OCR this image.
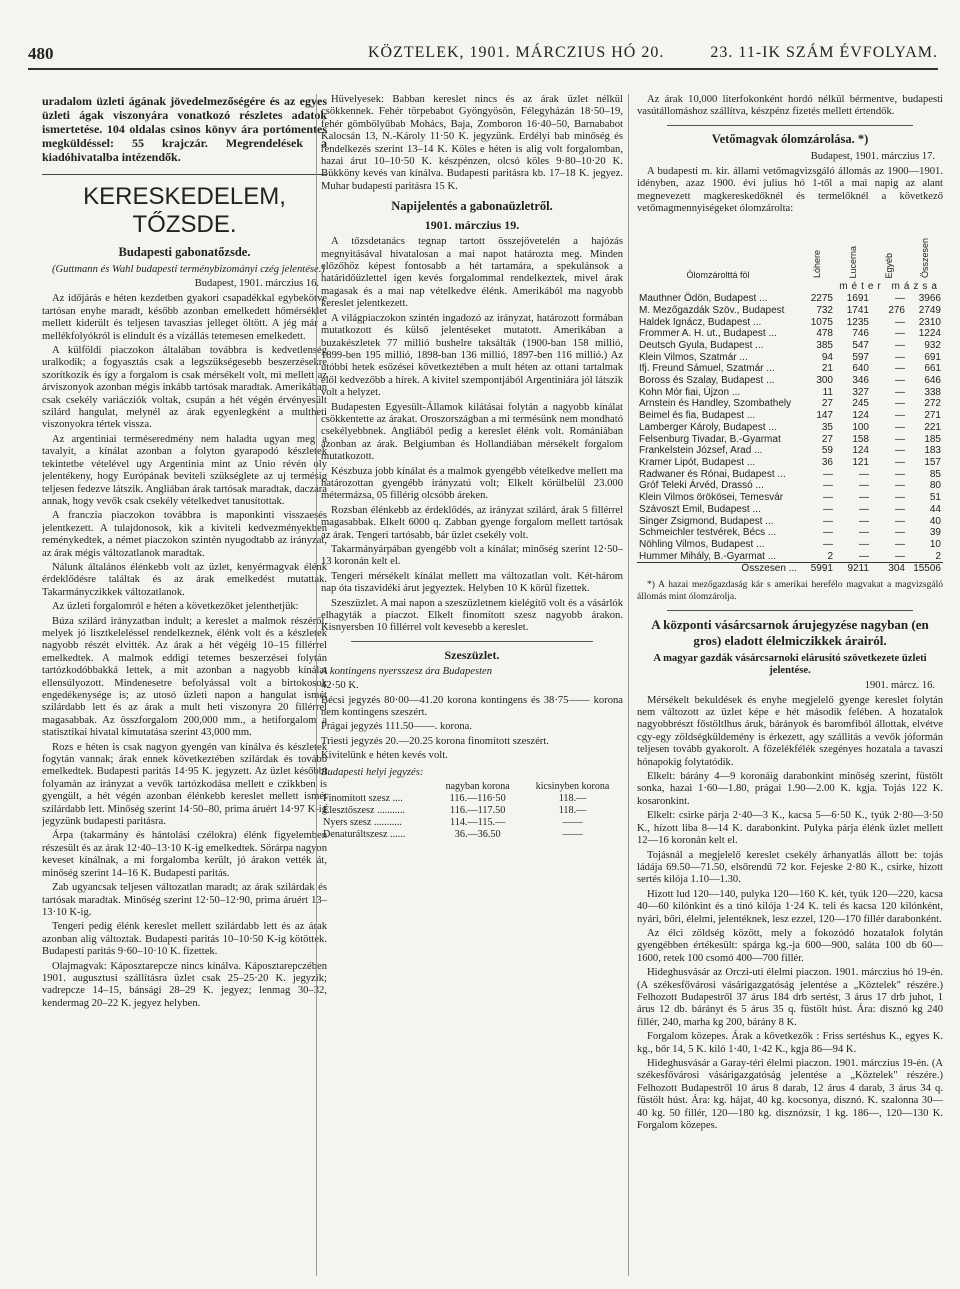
480	KÖZTELEK, 1901. MÁRCZIUS HÓ 20.	23. 11-IK SZÁM ÉVFOLYAM.

uradalom üzleti ágának jövedelmezőségére és az egyes üzleti ágak viszonyára vonatkozó részletes adatok ismertetése. 104 oldalas csinos könyv ára portómentes megküldéssel: 55 krajczár. Megrendelések a kiadóhivatalba intézendők.

KERESKEDELEM, TŐZSDE.
Budapesti gabonatőzsde.

(Guttmann és Wahl budapesti terménybizományi czég jelentése.)

Budapest, 1901. márczius 16.

Az időjárás e héten kezdetben gyakori csapadékkal egybekötve tartósan enyhe maradt, később azonban emelkedett hőmérséklet mellett kiderült és teljesen tavaszias jelleget öltött. A jég már a mellékfolyókról is elindult és a vízállás tetemesen emelkedett.

A külföldi piaczokon általában továbbra is kedvetlenség uralkodik; a fogyasztás csak a legszükségesebb beszerzésekre szorítkozik és így a forgalom is csak mérsékelt volt, mi mellett az árviszonyok azonban mégis inkább tartósak maradtak. Amerikában csak csekély variácziók voltak, csupán a hét végén érvényesült szilárd hangulat, melynél az árak egyenlegként a multheti viszonyokra tértek vissza.

Az argentiniai terméseredmény nem haladta ugyan meg a tavalyit, a kínálat azonban a folyton gyarapodó készletek tekintetbe vételével ugy Argentinia mint az Unio révén oly jelentékeny, hogy Európának beviteli szükséglete az uj termésig teljesen fedezve látszik. Angliában árak tartósak maradtak, daczára annak, hogy vevők csak csekély vételkedvet tanusítottak.

A franczia piaczokon továbbra is maponkinti visszaesés jelentkezett. A tulajdonosok, kik a kiviteli kedvezményekben reménykedtek, a német piaczokon szintén nyugodtabb az irányzat, az árak mégis változatlanok maradtak.

Nálunk általános élénkebb volt az üzlet, kenyérmagvak élénk érdeklődésre találtak és az árak emelkedést mutattak. Takarmányczikkek változatlanok.

Az üzleti forgalomról e héten a következőket jelenthetjük:

Búza szilárd irányzatban indult; a kereslet a malmok részéről, melyek jó lisztkeleléssel rendelkeznek, élénk volt és a készletek nagyobb részét elvitték. Az árak a hét végéig 10–15 fillérrel emelkedtek. A malmok eddigi tetemes beszerzései folytán tartózkodóbbakká lettek, a mit azonban a nagyobb kínálat ellensúlyozott. Mindenesetre befolyással volt a birtokosok engedékenysége is; az utosó üzleti napon a hangulat ismét szilárdabb lett és az árak a mult heti viszonyra 20 fillérrel magasabbak. Az összforgalom 200,000 mm., a hetiforgalom a statisztikai hivatal kimutatása szerint 43,000 mm.

Rozs e héten is csak nagyon gyengén van kínálva és készletek fogytán vannak; árak ennek következtében szilárdak és tovább emelkedtek. Budapesti paritás 14·95 K. jegyzett. Az üzlet későbbi folyamán az irányzat a vevők tartózkodása mellett e czikkben is gyengült, a hét végén azonban élénkebb kereslet mellett ismét szilárdabb lett. Minőség szerint 14·50–80, prima áruért 14·97 K-ig jegyzünk budapesti paritásra.

Árpa (takarmány és hántolási czélokra) élénk figyelemben részesült és az árak 12·40–13·10 K-ig emelkedtek. Sörárpa nagyon keveset kínálnak, a mi forgalomba került, jó árakon vették át, minőség szerint 14–16 K. Budapesti paritás.

Zab ugyancsak teljesen változatlan maradt; az árak szilárdak és tartósak maradtak. Minőség szerint 12·50–12·90, prima áruért 13–13·10 K-ig.

Tengeri pedig élénk kereslet mellett szilárdabb lett és az árak azonban alig változtak. Budapesti paritás 10–10·50 K-ig kötöttek. Budapesti paritás 9·60–10·10 K. fizettek.

Olajmagvak: Káposztarepcze nincs kínálva. Káposztarepczében 1901. augusztusi szállításra üzlet csak 25–25·20 K. jegyzik; vadrepcze 14–15, bánsági 28–29 K. jegyez; lenmag 30–32, kendermag 20–22 K. jegyez helyben.

Hüvelyesek: Babban kereslet nincs és az árak üzlet nélkül csökkennek. Fehér törpebabot Gyöngyösön, Félegyházán 18·50–19, fehér gömbölyűbab Mohács, Baja, Zomboron 16·40–50, Barnababot Kalocsán 13, N.-Károly 11·50 K. jegyzünk. Erdélyi bab minőség és rendelkezés szerint 13–14 K. Köles e héten is alig volt forgalomban, hazai árut 10–10·50 K. készpénzen, olcsó köles 9·80–10·20 K. Bükköny kevés van kínálva. Budapesti paritásra kb. 17–18 K. jegyez. Muhar budapesti paritásra 15 K.

Napijelentés a gabonaüzletről.
1901. márczius 19.

A tőzsdetanács tegnap tartott összejövetelén a hajózás megnyitásával hivatalosan a mai napot határozta meg. Minden előzőhöz képest fontosabb a hét tartamára, a spekulánsok a határidőüzlettel igen kevés forgalommal rendelkeztek, mivel árak magasak és a mai nap vételkedve élénk. Amerikából ma nagyobb kereslet jelentkezett.

A világpiaczokon szintén ingadozó az irányzat, határozott formában mutatkozott és külső jelentéseket mutatott. Amerikában a buzakészletek 77 millió bushelre taksálták (1900-ban 158 millió, 1899-ben 195 millió, 1898-ban 136 millió, 1897-ben 116 millió.) Az utóbbi hetek esőzései következtében a mult héten az ottani tartalmak elől kedvezőbb a hírek. A kivitel szempontjából Argentiniára jól látszik volt a helyzet.

Budapesten Egyesült-Államok kilátásai folytán a nagyobb kínálat csökkentette az árakat. Oroszországban a mi termésünk nem mondható csekélyebbnek. Angliából pedig a kereslet élénk volt. Romániában azonban az árak. Belgiumban és Hollandiában mérsékelt forgalom mutatkozott.

Készbuza jobb kínálat és a malmok gyengébb vételkedve mellett ma határozottan gyengébb irányzatú volt; Elkelt körülbelül 23.000 métermázsa, 05 fillérig olcsóbb áreken.

Rozsban élénkebb az érdeklődés, az irányzat szilárd, árak 5 fillérrel magasabbak. Elkelt 6000 q. Zabban gyenge forgalom mellett tartósak az árak. Tengeri tartósabb, bár üzlet csekély volt.

Takarmányárpában gyengébb volt a kínálat; minőség szerint 12·50–13 koronán kelt el.

Tengeri mérsékelt kínálat mellett ma változatlan volt. Két-három nap óta tiszavidéki árut jegyeztek. Helyben 10 K körül fizettek.

Szeszüzlet. A mai napon a szeszüzletnem kielégítő volt és a vásárlók elhagyták a piaczot. Elkelt finomított szesz nagyobb árakon. Kisnyersben 10 fillérrel volt kevesebb a kereslet.

Szeszüzlet.

A kontingens nyersszesz ára Budapesten

42·50 K.

Bécsi jegyzés 80·00—41.20 korona kontingens és 38·75—— korona nem kontingens szeszért.

Prágai jegyzés 111.50——. korona.

Triesti jegyzés 20.—20.25 korona finomított szeszért.

Kivitelünk e héten kevés volt.

Budapesti helyi jegyzés:

	nagyban korona	kicsinyben korona
Finomított szesz ....	116.—116·50	118.—
Élesztőszesz ...........	116.—117.50	118.—
Nyers szesz ...........	114.—115.—	——
Denaturáltszesz ......	36.—36.50	——

Az árak 10,000 literfokonként hordó nélkül bérmentve, budapesti vasútállomáshoz szállítva, készpénz fizetés mellett értendők.

Vetőmagvak ólomzárolása. *)
Budapest, 1901. márczius 17.

A budapesti m. kir. állami vetőmagvizsgáló állomás az 1900—1901. idényben, azaz 1900. évi julius hó 1-től a mai napig az alant megnevezett magkereskedőknél és termelőknél a következő vetőmagmennyiségeket ólomzárolta:

Ólomzárolttá föl	Lóhere	Lucerna	Egyéb	Összesen
méter mázsa				
Mauthner Ödön, Budapest ...	2275	1691	—	3966
M. Mezőgazdák Szöv., Budapest	732	1741	276	2749
Haldek Ignácz, Budapest ...	1075	1235	—	2310
Frommer A. H. ut., Budapest ...	478	746	—	1224
Deutsch Gyula, Budapest ...	385	547	—	932
Klein Vilmos, Szatmár ...	94	597	—	691
Ifj. Freund Sámuel, Szatmár ...	21	640	—	661
Boross és Szalay, Budapest ...	300	346	—	646
Kohn Mór fiai, Újzon ...	11	327	—	338
Arnstein és Handley, Szombathely	27	245	—	272
Beimel és fia, Budapest ...	147	124	—	271
Lamberger Károly, Budapest ...	35	100	—	221
Felsenburg Tivadar, B.-Gyarmat	27	158	—	185
Frankelstein József, Arad ...	59	124	—	183
Kramer Lipót, Budapest ...	36	121	—	157
Radwaner és Rónai, Budapest ...	—	—	—	85
Gróf Teleki Árvéd, Drassó ...	—	—	—	80
Klein Vilmos örökösei, Temesvár	—	—	—	51
Szávoszt Emil, Budapest ...	—	—	—	44
Singer Zsigmond, Budapest ...	—	—	—	40
Schmeichler testvérek, Bécs ...	—	—	—	39
Nöhling Vilmos, Budapest ...	—	—	—	10
Hummer Mihály, B.-Gyarmat ...	2	—	—	2
Összesen ...	5991	9211	304	15506

*) A hazai mezőgazdaság kár s amerikai herefélo magvakat a magvizsgáló állomás mint ólomzárolja.

A központi vásárcsarnok árujegyzése nagyban (en gros) eladott élelmiczikkek árairól.

A magyar gazdák vásárcsarnoki elárusító szövetkezete üzleti jelentése.

1901. márcz. 16.

Mérsékelt bekuldések és enyhe megjelelő gyenge kereslet folytán nem változott az üzlet képe e hét második felében. A hozatalok nagyobbrészt főstöltlhus áruk, bárányok és baromfiból állottak, elvétve cgy-egy zöldségküldemény is érkezett, agy szállitás a vevők jóformán teljesen tovább gyakorolt. A főzelékfélék szegényes hozatala a tavaszi hónapokig folytatódik.

Elkelt: bárány 4—9 koronáig darabonkint minőség szerint, füstölt sonka, hazai 1·60—1.80, prágai 1.90—2.00 K. kgja. Tojás 122 K. kosaronkint.

Elkelt: csirke párja 2·40—3 K., kacsa 5—6·50 K., tyúk 2·80—3·50 K., hízott liba 8—14 K. darabonkint. Pulyka párja élénk üzlet mellett 12—16 koronán kelt el.

Tojásnál a megjelelő kereslet csekély árhanyatlás állott be: tojás ládája 69.50—71.50, elsőrendű 72 kor. Fejeske 2·80 K., csirke, hizott sertés kilója 1.10—1.30.

Hizott lud 120—140, pulyka 120—160 K. két, tyúk 120—220, kacsa 40—60 kilónkint és a tinó kilója 1·24 K. teli és kacsa 120 kilónként, nyári, bőri, élelmi, jelentéknek, lesz ezzel, 120—170 fillér darabonként.

Az élci zöldség között, mely a fokozódó hozatalok folytán gyengébben értékesült: spárga kg.-ja 600—900, saláta 100 db 60—1600, retek 100 csomó 400—700 fillér.

Hideghusvásár az Orczi-uti élelmi piaczon. 1901. márczius hó 19-én. (A székesfővárosi vásárigazgatóság jelentése a „Köztelek" részére.) Felhozott Budapestről 37 árus 184 drb sertést, 3 árus 17 drb juhot, 1 árus 12 db. bárányt és 5 árus 35 q. füstölt húst. Ára: disznó kg 240 fillér, 240, marha kg 200, bárány 8 K.

Forgalom közepes. Árak a következők : Friss sertéshus K., egyes K. kg., bőr 14, 5 K. kiló 1·40, 1·42 K., kgja 86—94 K.

Hideghusvásár a Garay-téri élelmi piaczon. 1901. márczius 19-én. (A székesfővárosi vásárigazgatóság jelentése a „Köztelek" részére.) Felhozott Budapestről 10 árus 8 darab, 12 árus 4 darab, 3 árus 34 q. füstölt húst. Ára: kg. hájat, 40 kg. kocsonya, disznó. K. szalonna 30—40 kg. 50 fillér, 120—180 kg. disznózsír, 1 kg. 186—, 120—130 K. Forgalom közepes.
